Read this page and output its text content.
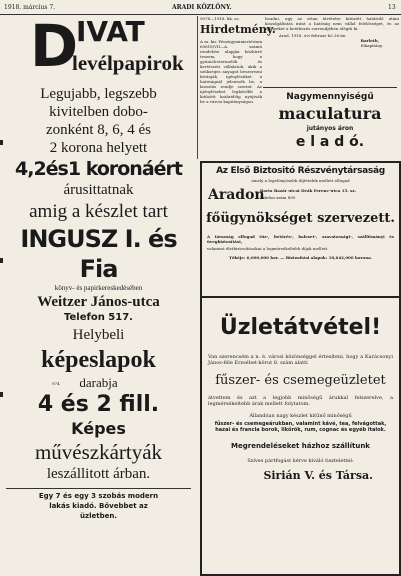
1918. március 7.	ARADI KÖZLÖNY.	13
D
IVAT
levélpapirok
Legujabb, legszebb
kivitelben dobo-
zonként 8, 6, 4 és
2 korona helyett
4,2és1 koronáért
árusittatnak
amig a készlet tart
INGUSZ I. és Fia
könyv- és papirkereskedésében
Weitzer János-utca
Telefon 517.
Helybeli
képeslapok
darabja
4 és 2 fill.
Képes
művészkártyák
leszállitott árban.
Egy 7 és egy 3 szobás modern
lakás kiadó. Bővebbet az
üzletben.
974
9078—1918. kk. sz.
Hirdetmény.
A m. kir. Pénzügyminisztérium 69618/VII—A. számú rendelete alapján közhírré teszem, hogy a gyümölcstermelők és kertészeti vállalatok, akik a szükséges anyagot beszerezni kívánják, igénylésüket a hatóságnál jelentsék be, a kiosztás rendje szerint. Az igényléseket legkésőbb a kitűzött határidőig nyújtsák be a városi kapitányságon.
beadni, ugy az ottan átvételre kitüzött határidő utáni kiszolgáltatás iránt a hatóság nem vállal felelősséget, és az igényeket a beérkezés sorrendjében elégíti ki.
Arad, 1918. évi február hó 26-án.
Barloth,
főkapitány.
Nagymennyiségű
maculatura
jutányos áron
e l a d ó.
Az Első Biztositó Részvénytársaság
amely a legelőnyösebb díjtételek mellett elfogad
Aradon
Barta Bazár utcai Deák Ferenc-utca 15. sz.
Telefon szám 895.
főügynökséget szervezett.
A társaság elfogad tűz-, betörés-, baleset-, szavatossági-, szállítmányi és üvegbiztosítást,
valamint életbiztosításokat a legmérsékeltebb díjak mellett.
Tőkéje: 6,000,000 kor. — Biztositási alapok: 18,642,000 korona.
Üzletátvétel!
Van szerencsém a n. é. városi közönséggel értesíteni, hogy a Karácsonyi János-féle Erzsébet-körut 8. szám alatti
fűszer- és csemegeüzletet
átvettem és azt a legjobb minőségű árukkal felszerelve, a legmérsékeltebb árak mellett folytatom.
Állandóan nagy készlet kitűnő minőségű
fűszer- és csemegeárukban, valamint kávé, tea, felvágottak, hazai és francia borok, likőrök, rum, cognac és egyéb italok.
Megrendeléseket házhoz szállítunk
Szíves pártfogást kérve kiváló tisztelettel:
Sirián V. és Társa.
